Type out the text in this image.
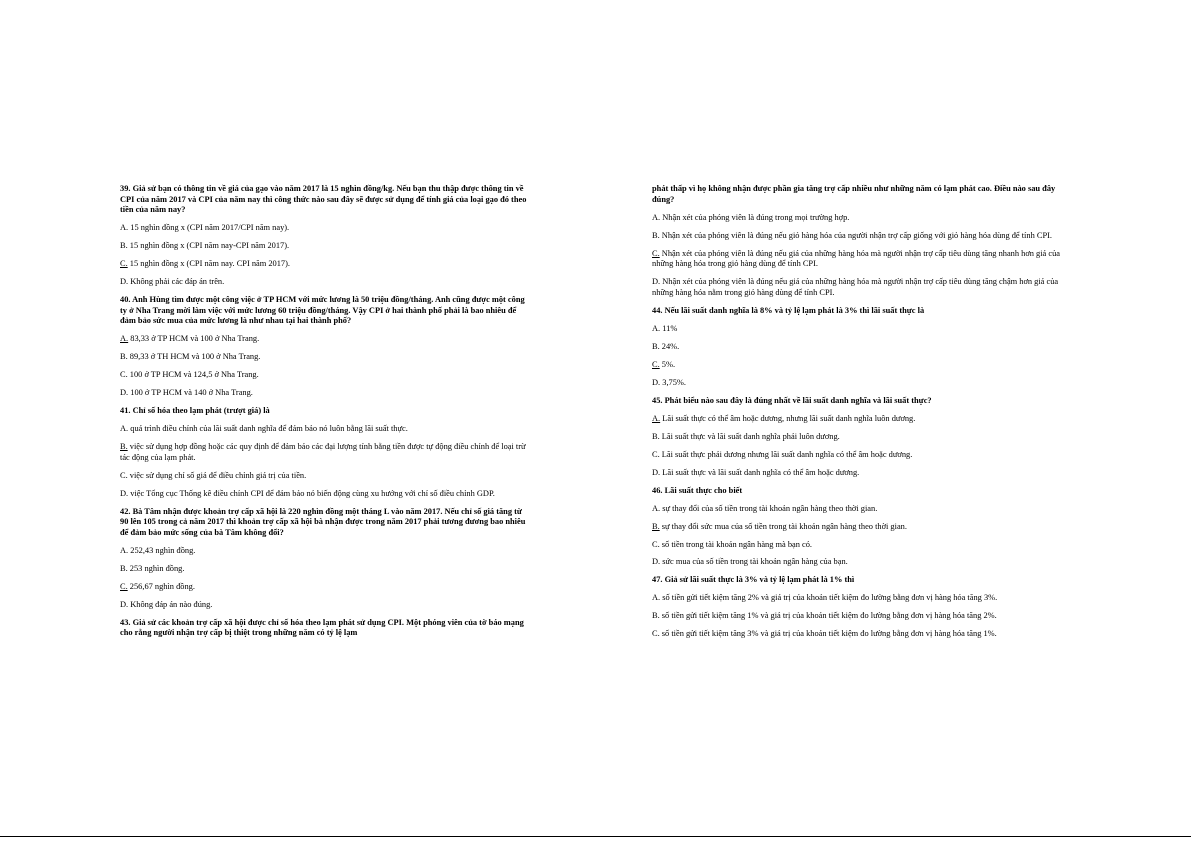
39. Giả sử bạn có thông tin về giá của gạo vào năm 2017 là 15 nghìn đồng/kg. Nếu bạn thu thập được thông tin về CPI của năm 2017 và CPI của năm nay thì công thức nào sau đây sẽ được sử dụng để tính giá của loại gạo đó theo tiền của năm nay?
A. 15 nghìn đồng x (CPI năm 2017/CPI năm nay).
B. 15 nghìn đồng x (CPI năm nay-CPI năm 2017).
C. 15 nghìn đồng x (CPI năm nay. CPI năm 2017).
D. Không phải các đáp án trên.
40. Anh Hùng tìm được một công việc ở TP HCM với mức lương là 50 triệu đồng/tháng. Anh cũng được một công ty ở Nha Trang mời làm việc với mức lương 60 triệu đồng/tháng. Vậy CPI ở hai thành phố phải là bao nhiêu để đảm bảo sức mua của mức lương là như nhau tại hai thành phố?
A. 83,33 ở TP HCM và 100 ở Nha Trang.
B. 89,33 ở TH HCM và 100 ở Nha Trang.
C. 100 ở TP HCM và 124,5 ở Nha Trang.
D. 100 ở TP HCM và 140 ở Nha Trang.
41. Chỉ số hóa theo lạm phát (trượt giá) là
A. quá trình điều chỉnh của lãi suất danh nghĩa để đảm bảo nó luôn bằng lãi suất thực.
B. việc sử dụng hợp đồng hoặc các quy định để đảm bảo các đại lượng tính bằng tiền được tự động điều chỉnh để loại trừ tác động của lạm phát.
C. việc sử dụng chỉ số giá để điều chỉnh giá trị của tiền.
D. việc Tổng cục Thống kê điều chỉnh CPI để đảm bảo nó biến động cùng xu hướng với chỉ số điều chỉnh GDP.
42. Bà Tâm nhận được khoản trợ cấp xã hội là 220 nghìn đồng một tháng L vào năm 2017. Nếu chỉ số giá tăng từ 90 lên 105 trong cả năm 2017 thì khoản trợ cấp xã hội bà nhận được trong năm 2017 phải tương đương bao nhiêu để đảm bảo mức sống của bà Tâm không đổi?
A. 252,43 nghìn đồng.
B. 253 nghìn đồng.
C. 256,67 nghìn đồng.
D. Không đáp án nào đúng.
43. Giả sử các khoản trợ cấp xã hội được chỉ số hóa theo lạm phát sử dụng CPI. Một phóng viên của tờ báo mạng cho rằng người nhận trợ cấp bị thiệt trong những năm có tỷ lệ lạm
phát thấp vì họ không nhận được phần gia tăng trợ cấp nhiều như những năm có lạm phát cao. Điều nào sau đây đúng?
A. Nhận xét của phóng viên là đúng trong mọi trường hợp.
B. Nhận xét của phóng viên là đúng nếu giỏ hàng hóa của người nhận trợ cấp giống với giỏ hàng hóa dùng để tính CPI.
C. Nhận xét của phóng viên là đúng nếu giá của những hàng hóa mà người nhận trợ cấp tiêu dùng tăng nhanh hơn giá của những hàng hóa trong giỏ hàng dùng để tính CPI.
D. Nhận xét của phóng viên là đúng nếu giá của những hàng hóa mà người nhận trợ cấp tiêu dùng tăng chậm hơn giá của những hàng hóa nằm trong giỏ hàng dùng để tính CPI.
44. Nếu lãi suất danh nghĩa là 8% và tỷ lệ lạm phát là 3% thì lãi suất thực là
A. 11%
B. 24%.
C. 5%.
D. 3,75%.
45. Phát biểu nào sau đây là đúng nhất về lãi suất danh nghĩa và lãi suất thực?
A. Lãi suất thực có thể âm hoặc dương, nhưng lãi suất danh nghĩa luôn dương.
B. Lãi suất thực và lãi suất danh nghĩa phải luôn dương.
C. Lãi suất thực phải dương nhưng lãi suất danh nghĩa có thể âm hoặc dương.
D. Lãi suất thực và lãi suất danh nghĩa có thể âm hoặc dương.
46. Lãi suất thực cho biết
A. sự thay đổi của số tiền trong tài khoản ngân hàng theo thời gian.
B. sự thay đổi sức mua của số tiền trong tài khoản ngân hàng theo thời gian.
C. số tiền trong tài khoản ngân hàng mà bạn có.
D. sức mua của số tiền trong tài khoản ngân hàng của bạn.
47. Giả sử lãi suất thực là 3% và tỷ lệ lạm phát là 1% thì
A. số tiền gửi tiết kiệm tăng 2% và giá trị của khoản tiết kiệm đo lường bằng đơn vị hàng hóa tăng 3%.
B. số tiền gửi tiết kiệm tăng 1% và giá trị của khoản tiết kiệm đo lường bằng đơn vị hàng hóa tăng 2%.
C. số tiền gửi tiết kiệm tăng 3% và giá trị của khoản tiết kiệm đo lường bằng đơn vị hàng hóa tăng 1%.
